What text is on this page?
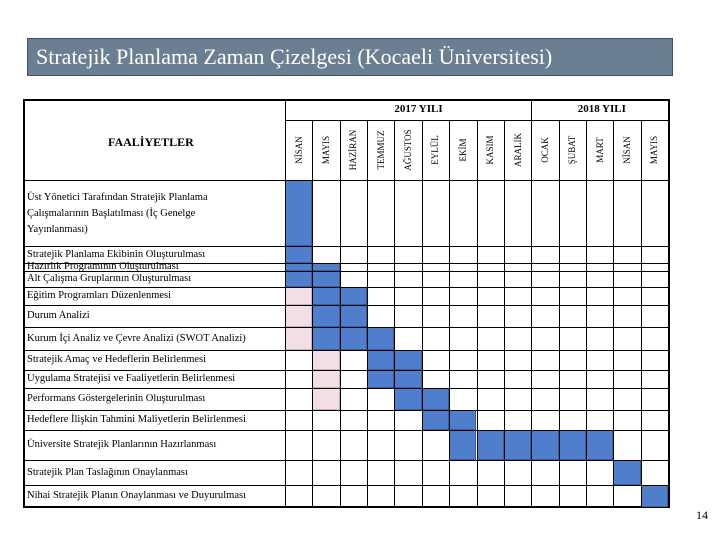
Stratejik Planlama Zaman Çizelgesi (Kocaeli Üniversitesi)
2017 YILI	2018 YILI
FAALİYETLER	NİSAN MAYIS HAZİRAN TEMMUZ AĞUSTOS EYLÜL EKİM KASIM ARALIK OCAK ŞUBAT MART NİSAN MAYIS
Üst Yönetici Tarafından Stratejik Planlama
Çalışmalarının Başlatılması (İç Genelge
Yayınlanması)
Stratejik Planlama Ekibinin Oluşturulması
Hazırlık Programının Oluşturulması
Alt Çalışma Gruplarının Oluşturulması
Eğitim Programları Düzenlenmesi
Durum Analizi
Kurum İçi Analiz ve Çevre Analizi (SWOT Analizi)
Stratejik Amaç ve Hedeflerin Belirlenmesi
Uygulama Stratejisi ve Faaliyetlerin Belirlenmesi
Performans Göstergelerinin Oluşturulması
Hedeflere İlişkin Tahmini Maliyetlerin Belirlenmesi
Üniversite Stratejik Planlarının Hazırlanması
Stratejik Plan Taslağının Onaylanması
Nihai Stratejik Planın Onaylanması ve Duyurulması
14
